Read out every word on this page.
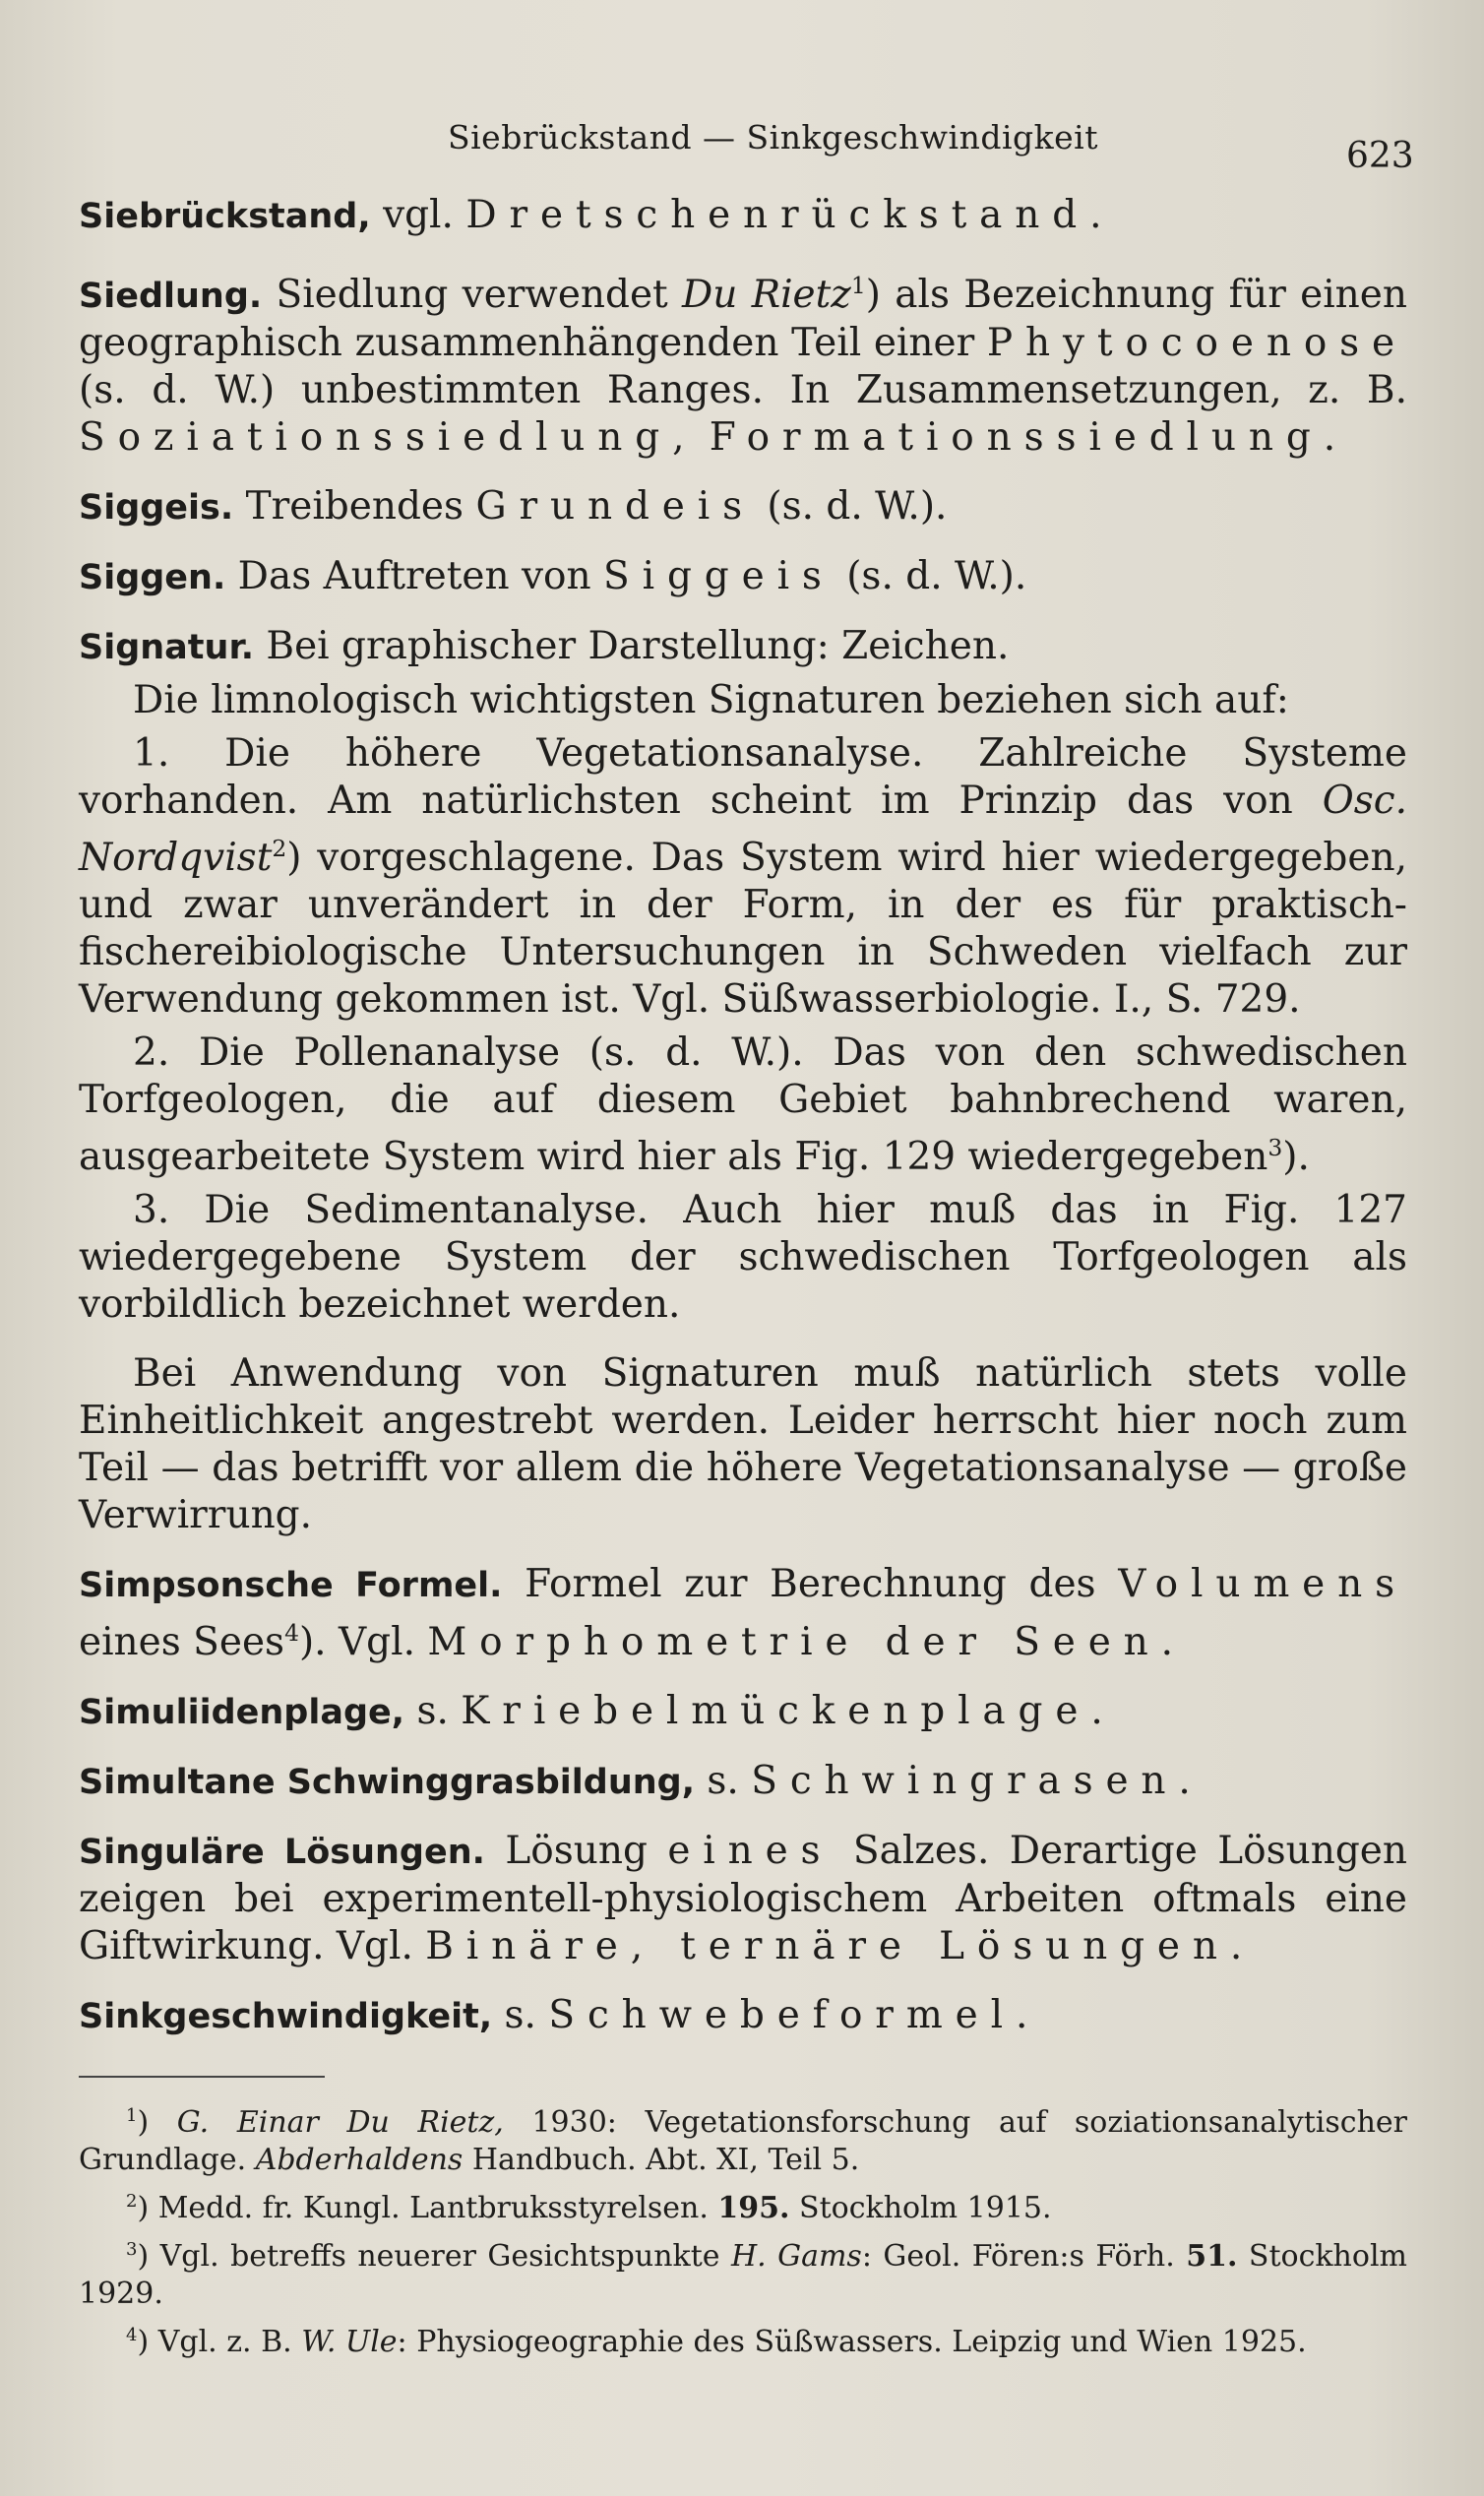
Siebrückstand — Sinkgeschwindigkeit	623

Siebrückstand, vgl. Dretschenrückstand.

Siedlung. Siedlung verwendet Du Rietz$^1$) als Bezeichnung für einen geographisch zusammenhängenden Teil einer Phytocoenose (s. d. W.) unbestimmten Ranges. In Zusammensetzungen, z. B. Soziationssiedlung, Formationssiedlung.

Siggeis. Treibendes Grundeis (s. d. W.).

Siggen. Das Auftreten von Siggeis (s. d. W.).

Signatur. Bei graphischer Darstellung: Zeichen.

Die limnologisch wichtigsten Signaturen beziehen sich auf:

1. Die höhere Vegetationsanalyse. Zahlreiche Systeme vorhanden. Am natürlichsten scheint im Prinzip das von Osc. Nordqvist$^2$) vorgeschlagene. Das System wird hier wiedergegeben, und zwar unverändert in der Form, in der es für praktisch-fischereibiologische Untersuchungen in Schweden vielfach zur Verwendung gekommen ist. Vgl. Süßwasserbiologie. I., S. 729.

2. Die Pollenanalyse (s. d. W.). Das von den schwedischen Torfgeologen, die auf diesem Gebiet bahnbrechend waren, ausgearbeitete System wird hier als Fig. 129 wiedergegeben$^3$).

3. Die Sedimentanalyse. Auch hier muß das in Fig. 127 wiedergegebene System der schwedischen Torfgeologen als vorbildlich bezeichnet werden.

Bei Anwendung von Signaturen muß natürlich stets volle Einheitlichkeit angestrebt werden. Leider herrscht hier noch zum Teil — das betrifft vor allem die höhere Vegetationsanalyse — große Verwirrung.

Simpsonsche Formel. Formel zur Berechnung des Volumens eines Sees$^4$). Vgl. Morphometrie der Seen.

Simuliidenplage, s. Kriebelmückenplage.

Simultane Schwinggrasbildung, s. Schwingrasen.

Singuläre Lösungen. Lösung eines Salzes. Derartige Lösungen zeigen bei experimentell-physiologischem Arbeiten oftmals eine Giftwirkung. Vgl. Binäre, ternäre Lösungen.

Sinkgeschwindigkeit, s. Schwebeformel.

$^1$) G. Einar Du Rietz, 1930: Vegetationsforschung auf soziationsanalytischer Grundlage. Abderhaldens Handbuch. Abt. XI, Teil 5.

$^2$) Medd. fr. Kungl. Lantbruksstyrelsen. 195. Stockholm 1915.

$^3$) Vgl. betreffs neuerer Gesichtspunkte H. Gams: Geol. Fören:s Förh. 51. Stockholm 1929.

$^4$) Vgl. z. B. W. Ule: Physiogeographie des Süßwassers. Leipzig und Wien 1925.
